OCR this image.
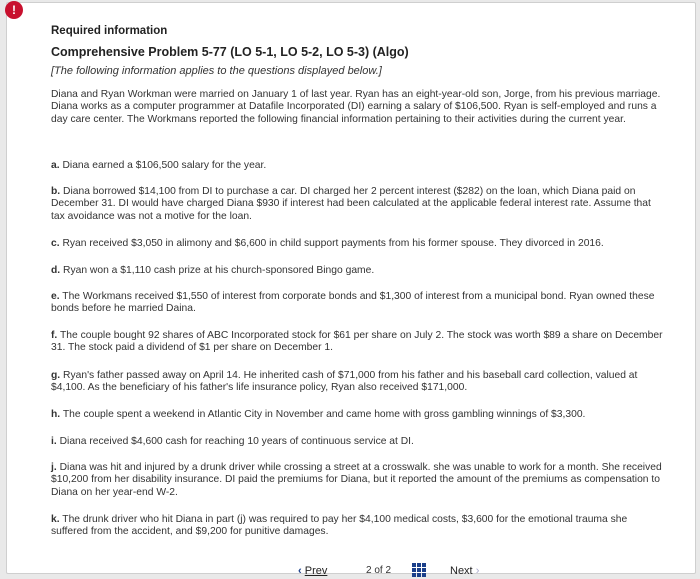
!
Required information
Comprehensive Problem 5-77 (LO 5-1, LO 5-2, LO 5-3) (Algo)
[The following information applies to the questions displayed below.]
Diana and Ryan Workman were married on January 1 of last year. Ryan has an eight-year-old son, Jorge, from his previous marriage. Diana works as a computer programmer at Datafile Incorporated (DI) earning a salary of $106,500. Ryan is self-employed and runs a day care center. The Workmans reported the following financial information pertaining to their activities during the current year.
a. Diana earned a $106,500 salary for the year.
b. Diana borrowed $14,100 from DI to purchase a car. DI charged her 2 percent interest ($282) on the loan, which Diana paid on December 31. DI would have charged Diana $930 if interest had been calculated at the applicable federal interest rate. Assume that tax avoidance was not a motive for the loan.
c. Ryan received $3,050 in alimony and $6,600 in child support payments from his former spouse. They divorced in 2016.
d. Ryan won a $1,110 cash prize at his church-sponsored Bingo game.
e. The Workmans received $1,550 of interest from corporate bonds and $1,300 of interest from a municipal bond. Ryan owned these bonds before he married Daina.
f. The couple bought 92 shares of ABC Incorporated stock for $61 per share on July 2. The stock was worth $89 a share on December 31. The stock paid a dividend of $1 per share on December 1.
g. Ryan's father passed away on April 14. He inherited cash of $71,000 from his father and his baseball card collection, valued at $4,100. As the beneficiary of his father's life insurance policy, Ryan also received $171,000.
h. The couple spent a weekend in Atlantic City in November and came home with gross gambling winnings of $3,300.
i. Diana received $4,600 cash for reaching 10 years of continuous service at DI.
j. Diana was hit and injured by a drunk driver while crossing a street at a crosswalk. she was unable to work for a month. She received $10,200 from her disability insurance. DI paid the premiums for Diana, but it reported the amount of the premiums as compensation to Diana on her year-end W-2.
k. The drunk driver who hit Diana in part (j) was required to pay her $4,100 medical costs, $3,600 for the emotional trauma she suffered from the accident, and $9,200 for punitive damages.
‹ Prev	2 of 2	Next ›
